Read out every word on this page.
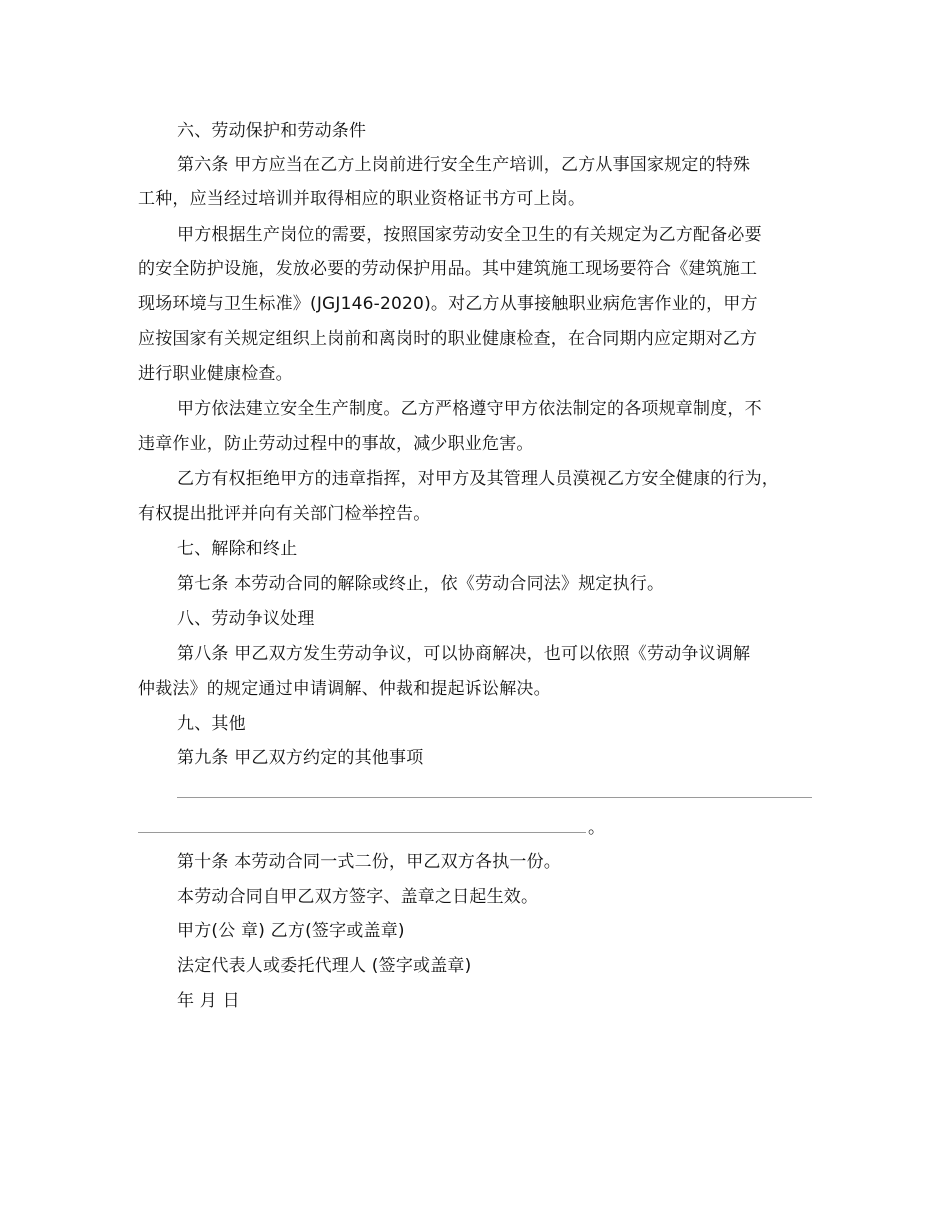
六、劳动保护和劳动条件
第六条 甲方应当在乙方上岗前进行安全生产培训，乙方从事国家规定的特殊
工种，应当经过培训并取得相应的职业资格证书方可上岗。
甲方根据生产岗位的需要，按照国家劳动安全卫生的有关规定为乙方配备必要
的安全防护设施，发放必要的劳动保护用品。其中建筑施工现场要符合《建筑施工
现场环境与卫生标准》(JGJ146-2020)。对乙方从事接触职业病危害作业的，甲方
应按国家有关规定组织上岗前和离岗时的职业健康检查，在合同期内应定期对乙方
进行职业健康检查。
甲方依法建立安全生产制度。乙方严格遵守甲方依法制定的各项规章制度，不
违章作业，防止劳动过程中的事故，减少职业危害。
乙方有权拒绝甲方的违章指挥，对甲方及其管理人员漠视乙方安全健康的行为，
有权提出批评并向有关部门检举控告。
七、解除和终止
第七条 本劳动合同的解除或终止，依《劳动合同法》规定执行。
八、劳动争议处理
第八条 甲乙双方发生劳动争议，可以协商解决，也可以依照《劳动争议调解
仲裁法》的规定通过申请调解、仲裁和提起诉讼解决。
九、其他
第九条 甲乙双方约定的其他事项
。
第十条 本劳动合同一式二份，甲乙双方各执一份。
本劳动合同自甲乙双方签字、盖章之日起生效。
甲方(公 章) 乙方(签字或盖章)
法定代表人或委托代理人 (签字或盖章)
年 月 日
